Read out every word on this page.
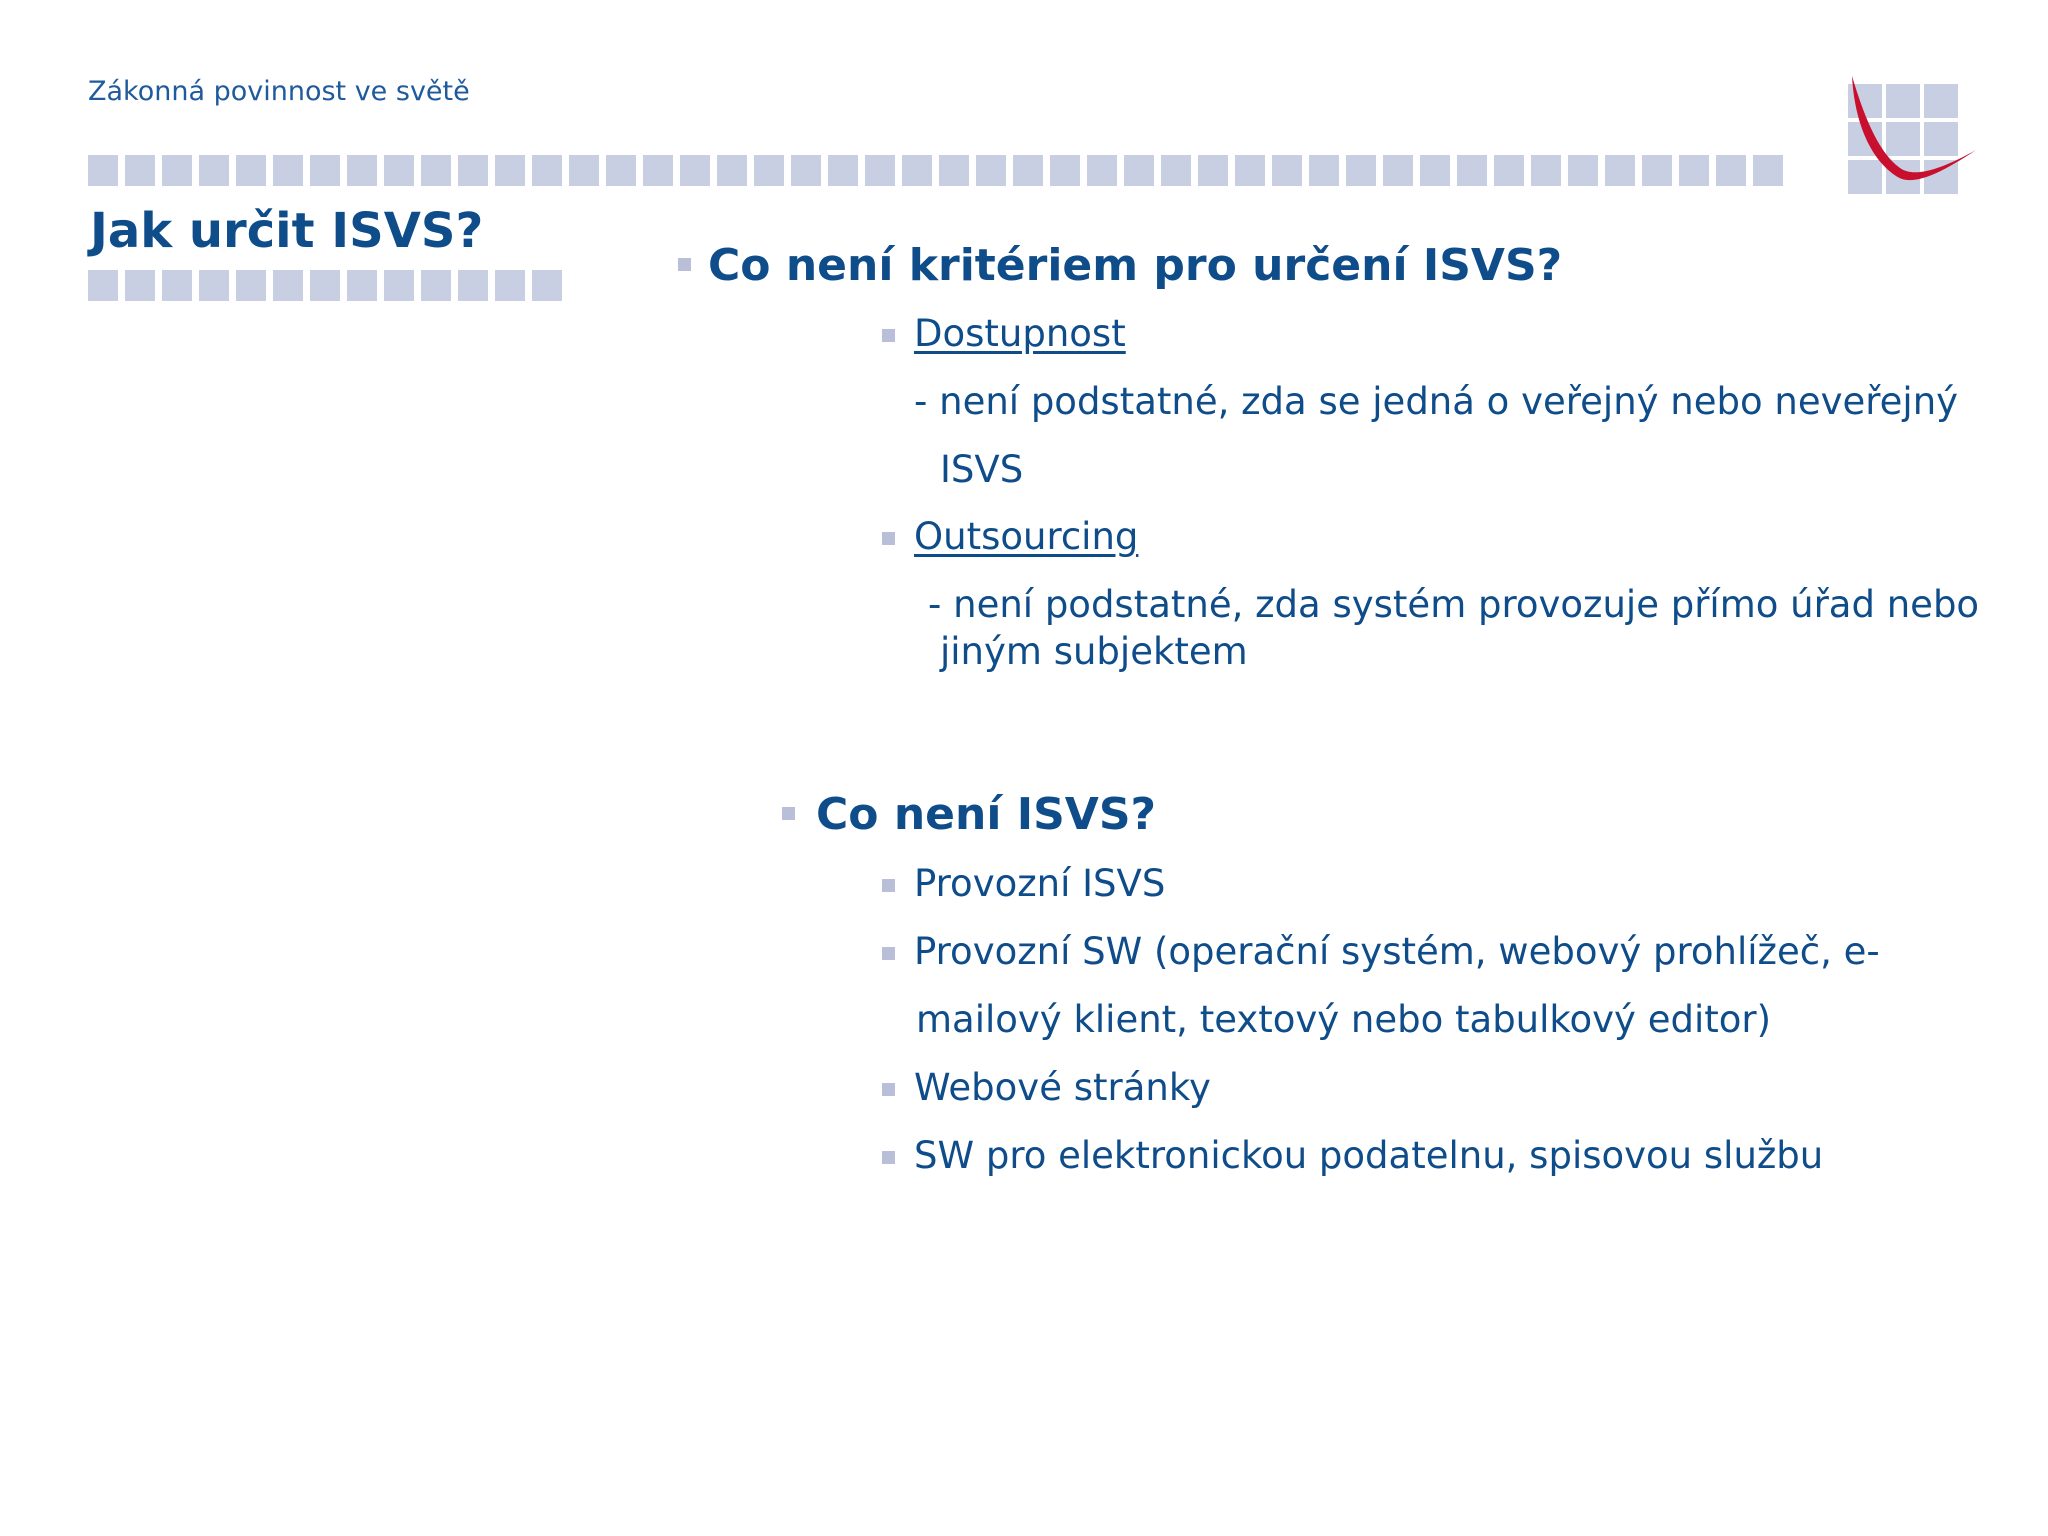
Zákonná povinnost ve světě
Jak určit ISVS?
Co není kritériem pro určení ISVS?
Dostupnost
- není podstatné, zda se jedná o veřejný nebo neveřejný
ISVS
Outsourcing
- není podstatné, zda systém provozuje přímo úřad nebo
jiným subjektem
Co není ISVS?
Provozní ISVS
Provozní SW (operační systém, webový prohlížeč, e-
mailový klient, textový nebo tabulkový editor)
Webové stránky
SW pro elektronickou podatelnu, spisovou službu
